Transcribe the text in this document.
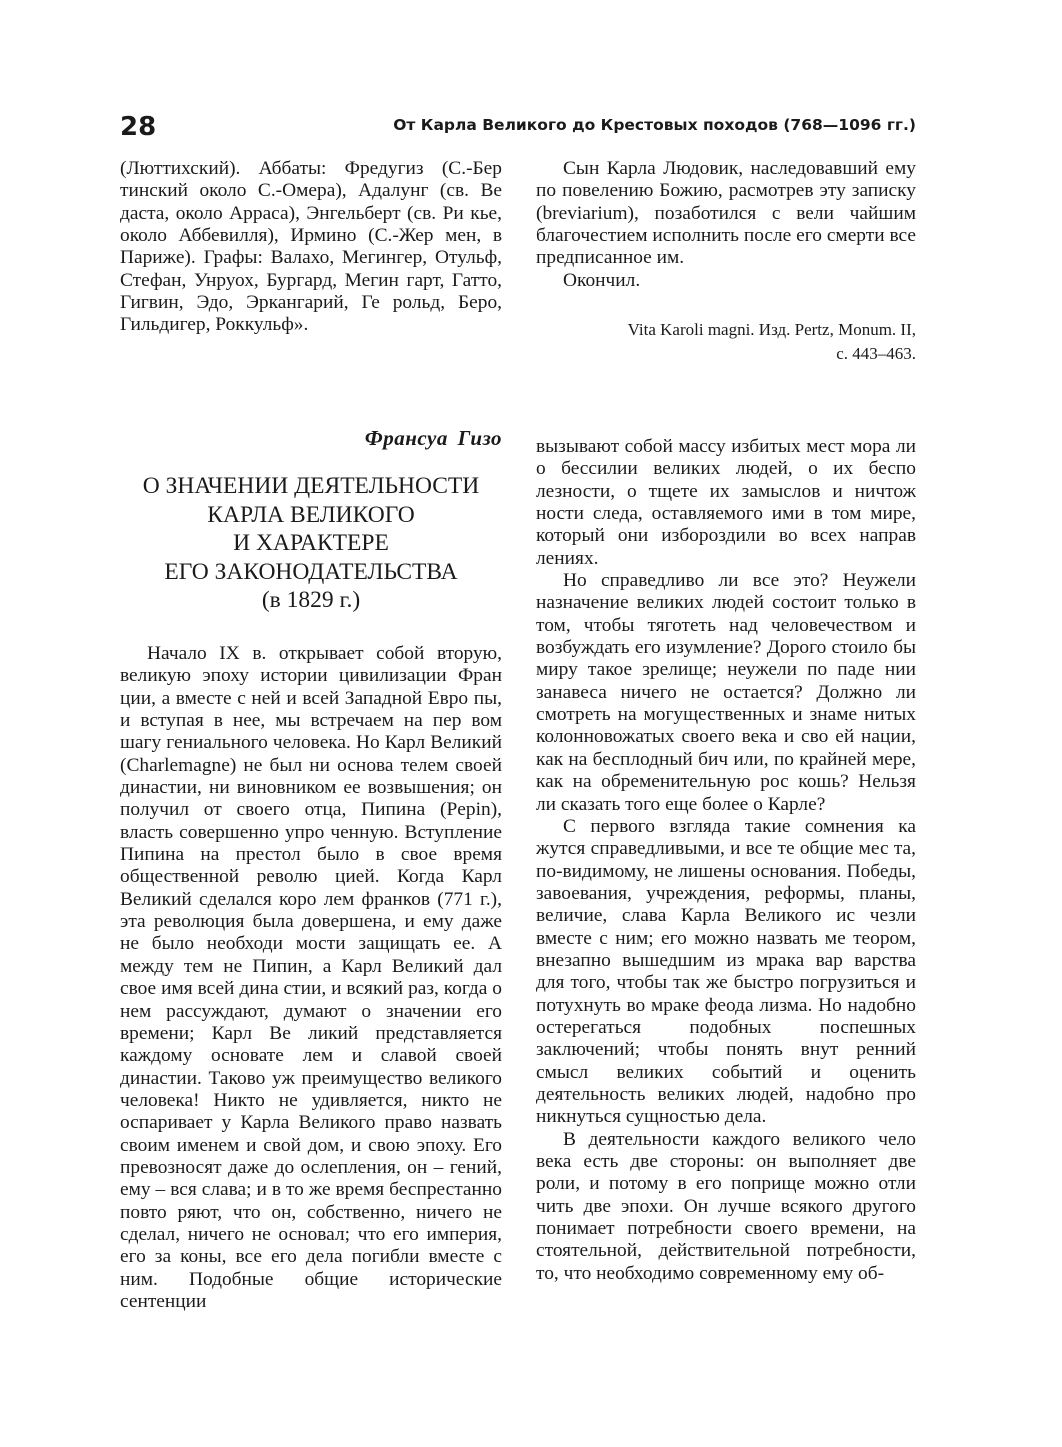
28	От Карла Великого до Крестовых походов (768—1096 гг.)

(Люттихский). Аббаты: Фредугиз (С.-Бер тинский около С.-Омера), Адалунг (св. Ве даста, около Арраса), Энгельберт (св. Ри кье, около Аббевилля), Ирмино (С.-Жер мен, в Париже). Графы: Валахо, Мегингер, Отульф, Стефан, Унруох, Бургард, Мегин гарт, Гатто, Гигвин, Эдо, Эркангарий, Ге рольд, Беро, Гильдигер, Роккульф».

Сын Карла Людовик, наследовавший ему по повелению Божию, расмотрев эту записку (breviarium), позаботился с вели чайшим благочестием исполнить после его смерти все предписанное им.

Окончил.

Vita Karoli magni. Изд. Pertz, Monum. II,
с. 443–463.
Франсуа Гизо
О ЗНАЧЕНИИ ДЕЯТЕЛЬНОСТИ
КАРЛА ВЕЛИКОГО
И ХАРАКТЕРЕ
ЕГО ЗАКОНОДАТЕЛЬСТВА
(в 1829 г.)

Начало IX в. открывает собой вторую, великую эпоху истории цивилизации Фран ции, а вместе с ней и всей Западной Евро пы, и вступая в нее, мы встречаем на пер вом шагу гениального человека. Но Карл Великий (Charlemagne) не был ни основа телем своей династии, ни виновником ее возвышения; он получил от своего отца, Пипина (Pepin), власть совершенно упро ченную. Вступление Пипина на престол было в свое время общественной револю цией. Когда Карл Великий сделался коро лем франков (771 г.), эта революция была довершена, и ему даже не было необходи мости защищать ее. А между тем не Пипин, а Карл Великий дал свое имя всей дина стии, и всякий раз, когда о нем рассуждают, думают о значении его времени; Карл Ве ликий представляется каждому основате лем и славой своей династии. Таково уж преимущество великого человека! Никто не удивляется, никто не оспаривает у Карла Великого право назвать своим именем и свой дом, и свою эпоху. Его превозносят даже до ослепления, он – гений, ему – вся слава; и в то же время беспрестанно повто ряют, что он, собственно, ничего не сделал, ничего не основал; что его империя, его за коны, все его дела погибли вместе с ним. Подобные общие исторические сентенции

вызывают собой массу избитых мест мора ли о бессилии великих людей, о их беспо лезности, о тщете их замыслов и ничтож ности следа, оставляемого ими в том мире, который они избороздили во всех направ лениях.

Но справедливо ли все это? Неужели назначение великих людей состоит только в том, чтобы тяготеть над человечеством и возбуждать его изумление? Дорого стоило бы миру такое зрелище; неужели по паде нии занавеса ничего не остается? Должно ли смотреть на могущественных и знаме нитых колонновожатых своего века и сво ей нации, как на бесплодный бич или, по крайней мере, как на обременительную рос кошь? Нельзя ли сказать того еще более о Карле?

С первого взгляда такие сомнения ка жутся справедливыми, и все те общие мес та, по-видимому, не лишены основания. Победы, завоевания, учреждения, реформы, планы, величие, слава Карла Великого ис чезли вместе с ним; его можно назвать ме теором, внезапно вышедшим из мрака вар варства для того, чтобы так же быстро погрузиться и потухнуть во мраке феода лизма. Но надобно остерегаться подобных поспешных заключений; чтобы понять внут ренний смысл великих событий и оценить деятельность великих людей, надобно про никнуться сущностью дела.

В деятельности каждого великого чело века есть две стороны: он выполняет две роли, и потому в его поприще можно отли чить две эпохи. Он лучше всякого другого понимает потребности своего времени, на стоятельной, действительной потребности, то, что необходимо современному ему об-
